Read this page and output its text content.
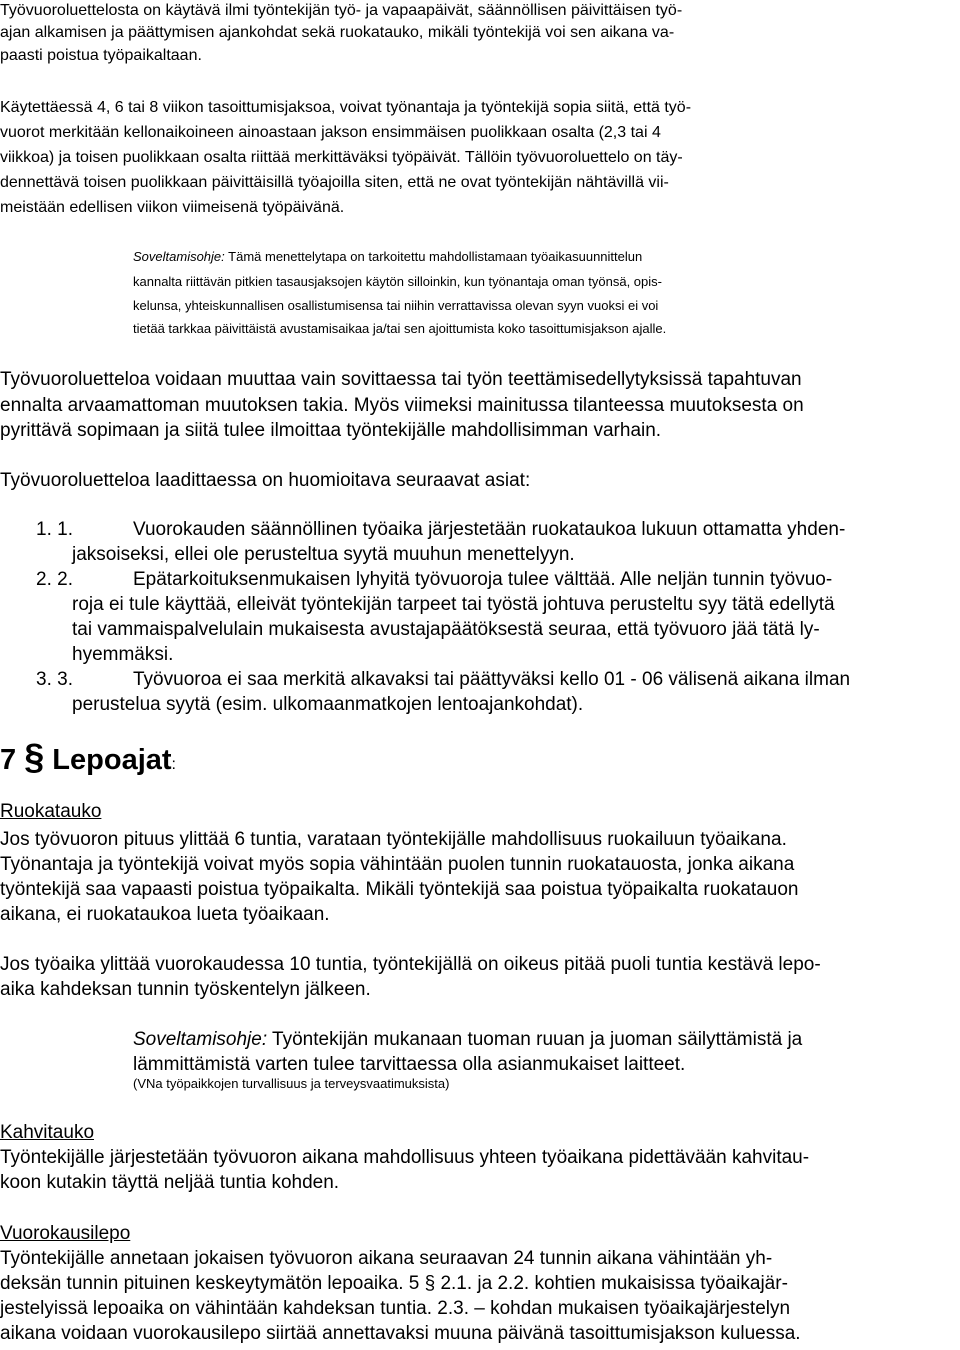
Työvuoroluettelosta on käytävä ilmi työntekijän työ- ja vapaapäivät, säännöllisen päivittäisen työ-
ajan alkamisen ja päättymisen ajankohdat sekä ruokatauko, mikäli työntekijä voi sen aikana va-
paasti poistua työpaikaltaan.
Käytettäessä 4, 6 tai 8 viikon tasoittumisjaksoa, voivat työnantaja ja työntekijä sopia siitä, että työ-
vuorot merkitään kellonaikoineen ainoastaan jakson ensimmäisen puolikkaan osalta (2,3 tai 4
viikkoa) ja toisen puolikkaan osalta riittää merkittäväksi työpäivät. Tällöin työvuoroluettelo on täy-
dennettävä toisen puolikkaan päivittäisillä työajoilla siten, että ne ovat työntekijän nähtävillä vii-
meistään edellisen viikon viimeisenä työpäivänä.
Soveltamisohje: Tämä menettelytapa on tarkoitettu mahdollistamaan työaikasuunnittelun
kannalta riittävän pitkien tasausjaksojen käytön silloinkin, kun työnantaja oman työnsä, opis-
kelunsa, yhteiskunnallisen osallistumisensa tai niihin verrattavissa olevan syyn vuoksi ei voi
tietää tarkkaa päivittäistä avustamisaikaa ja/tai sen ajoittumista koko tasoittumisjakson ajalle.
Työvuoroluetteloa voidaan muuttaa vain sovittaessa tai työn teettämisedellytyksissä tapahtuvan
ennalta arvaamattoman muutoksen takia. Myös viimeksi mainitussa tilanteessa muutoksesta on
pyrittävä sopimaan ja siitä tulee ilmoittaa työntekijälle mahdollisimman varhain.
Työvuoroluetteloa laadittaessa on huomioitava seuraavat asiat:
1. 1.	Vuorokauden säännöllinen työaika järjestetään ruokataukoa lukuun ottamatta yhden-
jaksoiseksi, ellei ole perusteltua syytä muuhun menettelyyn.
2. 2.	Epätarkoituksenmukaisen lyhyitä työvuoroja tulee välttää. Alle neljän tunnin työvuo-
roja ei tule käyttää, elleivät työntekijän tarpeet tai työstä johtuva perusteltu syy tätä edellytä
tai vammaispalvelulain mukaisesta avustajapäätöksestä seuraa, että työvuoro jää tätä ly-
hyemmäksi.
3. 3.	Työvuoroa ei saa merkitä alkavaksi tai päättyväksi kello 01 - 06 välisenä aikana ilman
perustelua syytä (esim. ulkomaanmatkojen lentoajankohdat).
7 § Lepoajat:
Ruokatauko
Jos työvuoron pituus ylittää 6 tuntia, varataan työntekijälle mahdollisuus ruokailuun työaikana.
Työnantaja ja työntekijä voivat myös sopia vähintään puolen tunnin ruokatauosta, jonka aikana
työntekijä saa vapaasti poistua työpaikalta. Mikäli työntekijä saa poistua työpaikalta ruokatauon
aikana, ei ruokataukoa lueta työaikaan.
Jos työaika ylittää vuorokaudessa 10 tuntia, työntekijällä on oikeus pitää puoli tuntia kestävä lepo-
aika kahdeksan tunnin työskentelyn jälkeen.
Soveltamisohje: Työntekijän mukanaan tuoman ruuan ja juoman säilyttämistä ja
lämmittämistä varten tulee tarvittaessa olla asianmukaiset laitteet.
(VNa työpaikkojen turvallisuus ja terveysvaatimuksista)
Kahvitauko
Työntekijälle järjestetään työvuoron aikana mahdollisuus yhteen työaikana pidettävään kahvitau-
koon kutakin täyttä neljää tuntia kohden.
Vuorokausilepo
Työntekijälle annetaan jokaisen työvuoron aikana seuraavan 24 tunnin aikana vähintään yh-
deksän tunnin pituinen keskeytymätön lepoaika. 5 § 2.1. ja 2.2. kohtien mukaisissa työaikajär-
jestelyissä lepoaika on vähintään kahdeksan tuntia. 2.3. – kohdan mukaisen työaikajärjestelyn
aikana voidaan vuorokausilepo siirtää annettavaksi muuna päivänä tasoittumisjakson kuluessa.
